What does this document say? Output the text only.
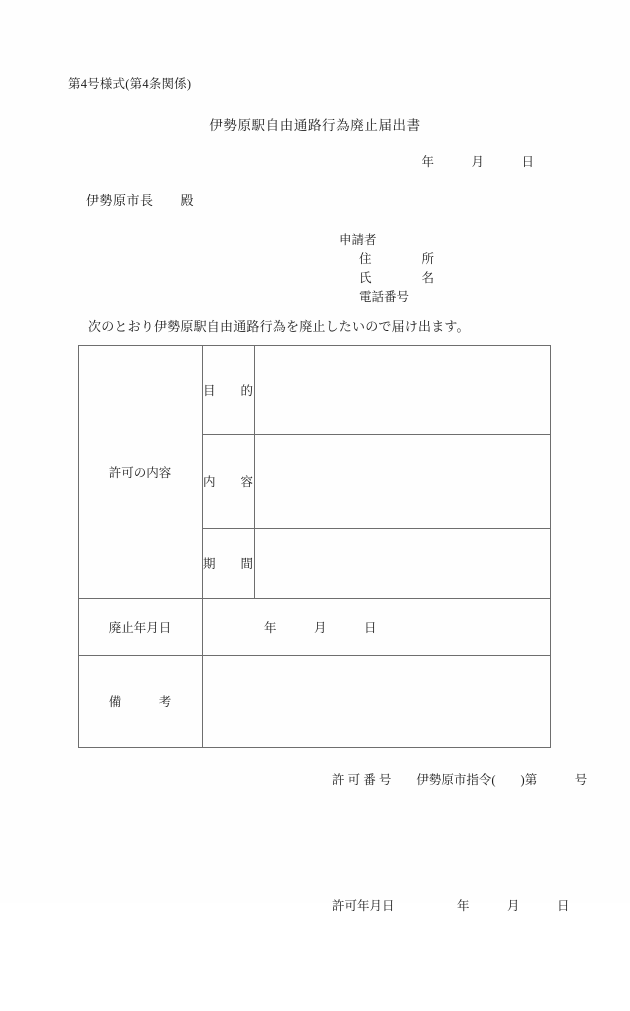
第4号様式(第4条関係)
伊勢原駅自由通路行為廃止届出書
年　　　月　　　日
伊勢原市長　　殿
申請者
住　　　　所
氏　　　　名
電話番号
次のとおり伊勢原駅自由通路行為を廃止したいので届け出ます。
許可の内容
目　　的
内　　容
期　　間
廃止年月日	年　　　月　　　日
備　　　考

許 可 番 号　　伊勢原市指令(　　)第　　　号

許可年月日　　　　　年　　　月　　　日
